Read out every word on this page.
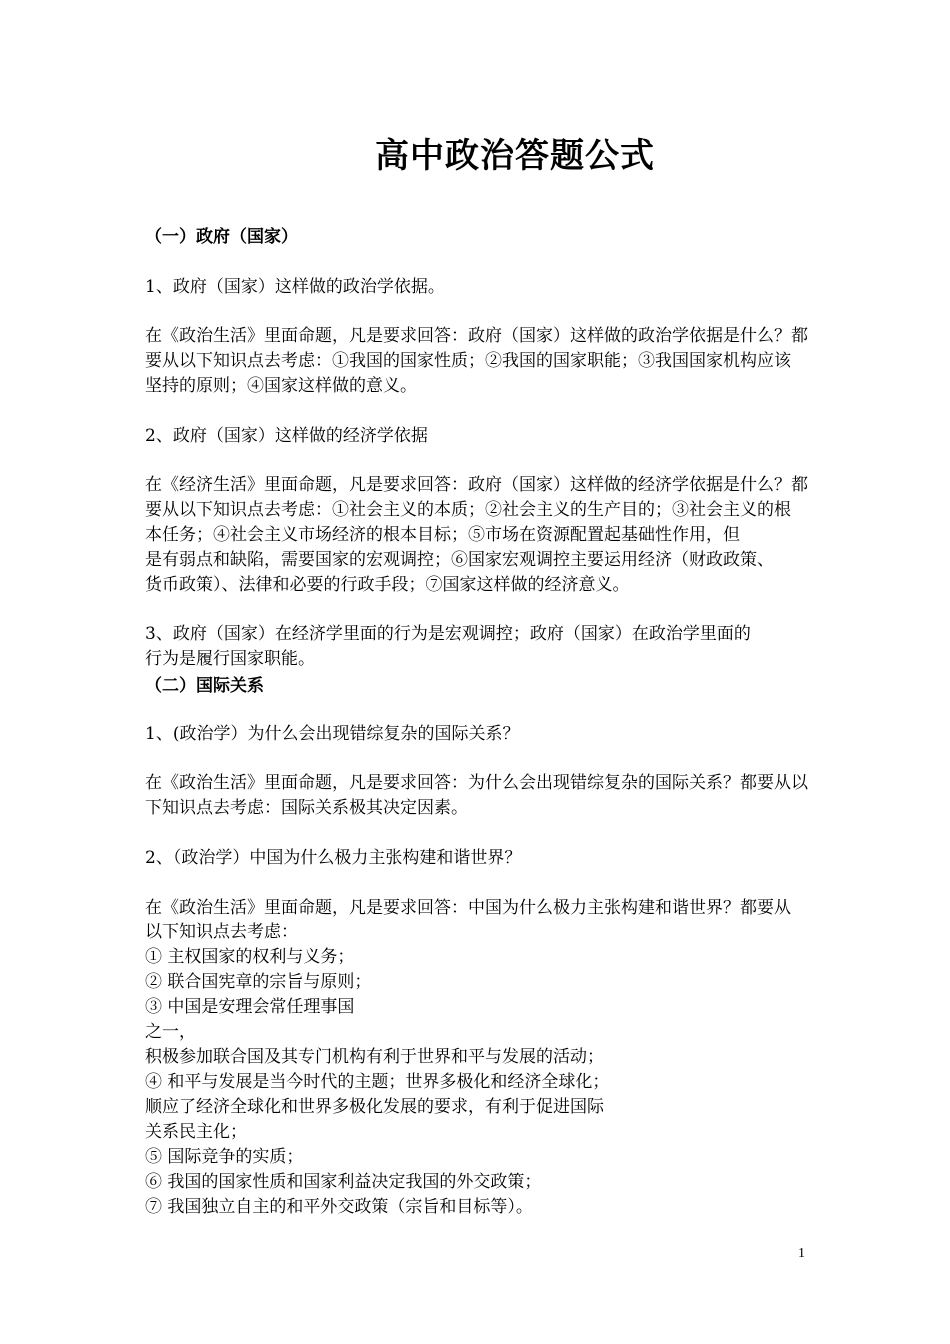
高中政治答题公式
（一）政府（国家）
1、政府（国家）这样做的政治学依据。
在《政治生活》里面命题，凡是要求回答：政府（国家）这样做的政治学依据是什么？都
要从以下知识点去考虑：①我国的国家性质；②我国的国家职能；③我国国家机构应该
坚持的原则；④国家这样做的意义。
2、政府（国家）这样做的经济学依据
在《经济生活》里面命题，凡是要求回答：政府（国家）这样做的经济学依据是什么？都
要从以下知识点去考虑：①社会主义的本质；②社会主义的生产目的；③社会主义的根
本任务；④社会主义市场经济的根本目标；⑤市场在资源配置起基础性作用，但
是有弱点和缺陷，需要国家的宏观调控；⑥国家宏观调控主要运用经济（财政政策、
货币政策）、法律和必要的行政手段；⑦国家这样做的经济意义。
3、政府（国家）在经济学里面的行为是宏观调控；政府（国家）在政治学里面的
行为是履行国家职能。
（二）国际关系
1、(政治学）为什么会出现错综复杂的国际关系？
在《政治生活》里面命题，凡是要求回答：为什么会出现错综复杂的国际关系？都要从以
下知识点去考虑：国际关系极其决定因素。
2、（政治学）中国为什么极力主张构建和谐世界？
在《政治生活》里面命题，凡是要求回答：中国为什么极力主张构建和谐世界？都要从
以下知识点去考虑：
① 主权国家的权利与义务；
② 联合国宪章的宗旨与原则；
③ 中国是安理会常任理事国
之一，
积极参加联合国及其专门机构有利于世界和平与发展的活动；
④ 和平与发展是当今时代的主题；世界多极化和经济全球化；
顺应了经济全球化和世界多极化发展的要求，有利于促进国际
关系民主化；
⑤ 国际竞争的实质；
⑥ 我国的国家性质和国家利益决定我国的外交政策；
⑦ 我国独立自主的和平外交政策（宗旨和目标等）。
1
